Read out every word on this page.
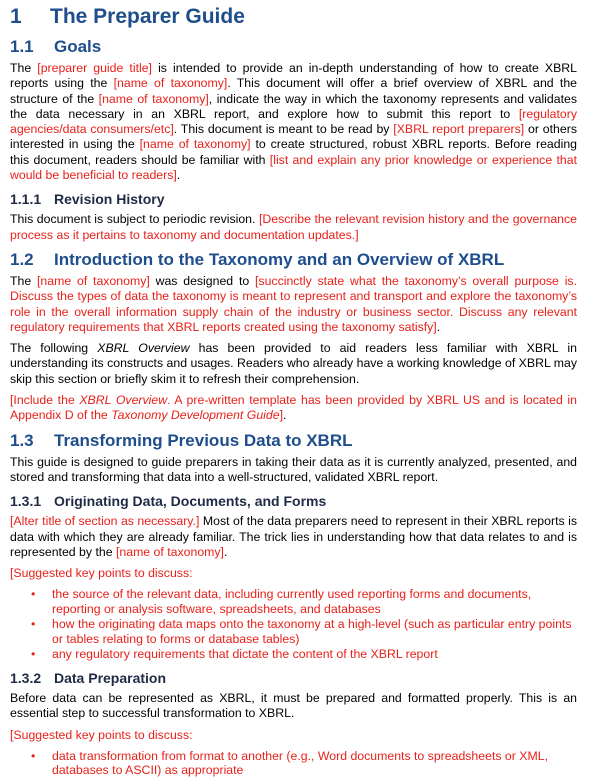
1 The Preparer Guide
1.1 Goals

The [preparer guide title] is intended to provide an in-depth understanding of how to create XBRL reports using the [name of taxonomy]. This document will offer a brief overview of XBRL and the structure of the [name of taxonomy], indicate the way in which the taxonomy represents and validates the data necessary in an XBRL report, and explore how to submit this report to [regulatory agencies/data consumers/etc]. This document is meant to be read by [XBRL report preparers] or others interested in using the [name of taxonomy] to create structured, robust XBRL reports. Before reading this document, readers should be familiar with [list and explain any prior knowledge or experience that would be beneficial to readers].

1.1.1 Revision History

This document is subject to periodic revision. [Describe the relevant revision history and the governance process as it pertains to taxonomy and documentation updates.]

1.2 Introduction to the Taxonomy and an Overview of XBRL

The [name of taxonomy] was designed to [succinctly state what the taxonomy’s overall purpose is. Discuss the types of data the taxonomy is meant to represent and transport and explore the taxonomy’s role in the overall information supply chain of the industry or business sector. Discuss any relevant regulatory requirements that XBRL reports created using the taxonomy satisfy].

The following XBRL Overview has been provided to aid readers less familiar with XBRL in understanding its constructs and usages. Readers who already have a working knowledge of XBRL may skip this section or briefly skim it to refresh their comprehension.

[Include the XBRL Overview. A pre-written template has been provided by XBRL US and is located in Appendix D of the Taxonomy Development Guide].

1.3 Transforming Previous Data to XBRL

This guide is designed to guide preparers in taking their data as it is currently analyzed, presented, and stored and transforming that data into a well-structured, validated XBRL report.

1.3.1 Originating Data, Documents, and Forms

[Alter title of section as necessary.] Most of the data preparers need to represent in their XBRL reports is data with which they are already familiar. The trick lies in understanding how that data relates to and is represented by the [name of taxonomy].

[Suggested key points to discuss:

• the source of the relevant data, including currently used reporting forms and documents, reporting or analysis software, spreadsheets, and databases
• how the originating data maps onto the taxonomy at a high-level (such as particular entry points or tables relating to forms or database tables)
• any regulatory requirements that dictate the content of the XBRL report
1.3.2 Data Preparation

Before data can be represented as XBRL, it must be prepared and formatted properly. This is an essential step to successful transformation to XBRL.

[Suggested key points to discuss:

• data transformation from format to another (e.g., Word documents to spreadsheets or XML, databases to ASCII) as appropriate
